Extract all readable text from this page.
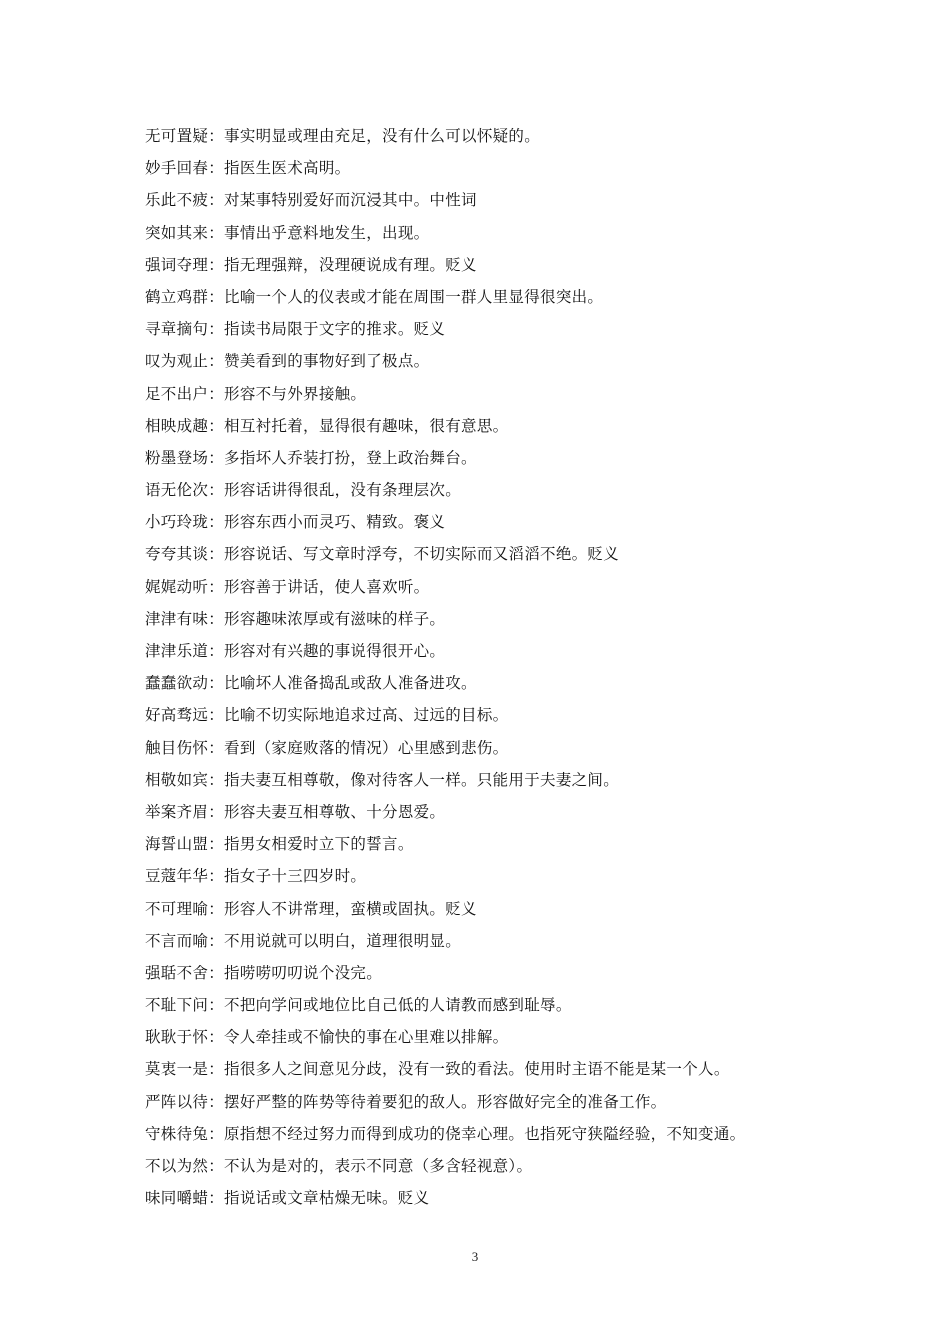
无可置疑：事实明显或理由充足，没有什么可以怀疑的。
妙手回春：指医生医术高明。
乐此不疲：对某事特别爱好而沉浸其中。中性词
突如其来：事情出乎意料地发生，出现。
强词夺理：指无理强辩，没理硬说成有理。贬义
鹤立鸡群：比喻一个人的仪表或才能在周围一群人里显得很突出。
寻章摘句：指读书局限于文字的推求。贬义
叹为观止：赞美看到的事物好到了极点。
足不出户：形容不与外界接触。
相映成趣：相互衬托着，显得很有趣味，很有意思。
粉墨登场：多指坏人乔装打扮，登上政治舞台。
语无伦次：形容话讲得很乱，没有条理层次。
小巧玲珑：形容东西小而灵巧、精致。褒义
夸夸其谈：形容说话、写文章时浮夸，不切实际而又滔滔不绝。贬义
娓娓动听：形容善于讲话，使人喜欢听。
津津有味：形容趣味浓厚或有滋味的样子。
津津乐道：形容对有兴趣的事说得很开心。
蠢蠢欲动：比喻坏人准备捣乱或敌人准备进攻。
好高骛远：比喻不切实际地追求过高、过远的目标。
触目伤怀：看到（家庭败落的情况）心里感到悲伤。
相敬如宾：指夫妻互相尊敬，像对待客人一样。只能用于夫妻之间。
举案齐眉：形容夫妻互相尊敬、十分恩爱。
海誓山盟：指男女相爱时立下的誓言。
豆蔻年华：指女子十三四岁时。
不可理喻：形容人不讲常理，蛮横或固执。贬义
不言而喻：不用说就可以明白，道理很明显。
强聒不舍：指唠唠叨叨说个没完。
不耻下问：不把向学问或地位比自己低的人请教而感到耻辱。
耿耿于怀：令人牵挂或不愉快的事在心里难以排解。
莫衷一是：指很多人之间意见分歧，没有一致的看法。使用时主语不能是某一个人。
严阵以待：摆好严整的阵势等待着要犯的敌人。形容做好完全的准备工作。
守株待兔：原指想不经过努力而得到成功的侥幸心理。也指死守狭隘经验，不知变通。
不以为然：不认为是对的，表示不同意（多含轻视意）。
味同嚼蜡：指说话或文章枯燥无味。贬义
3
